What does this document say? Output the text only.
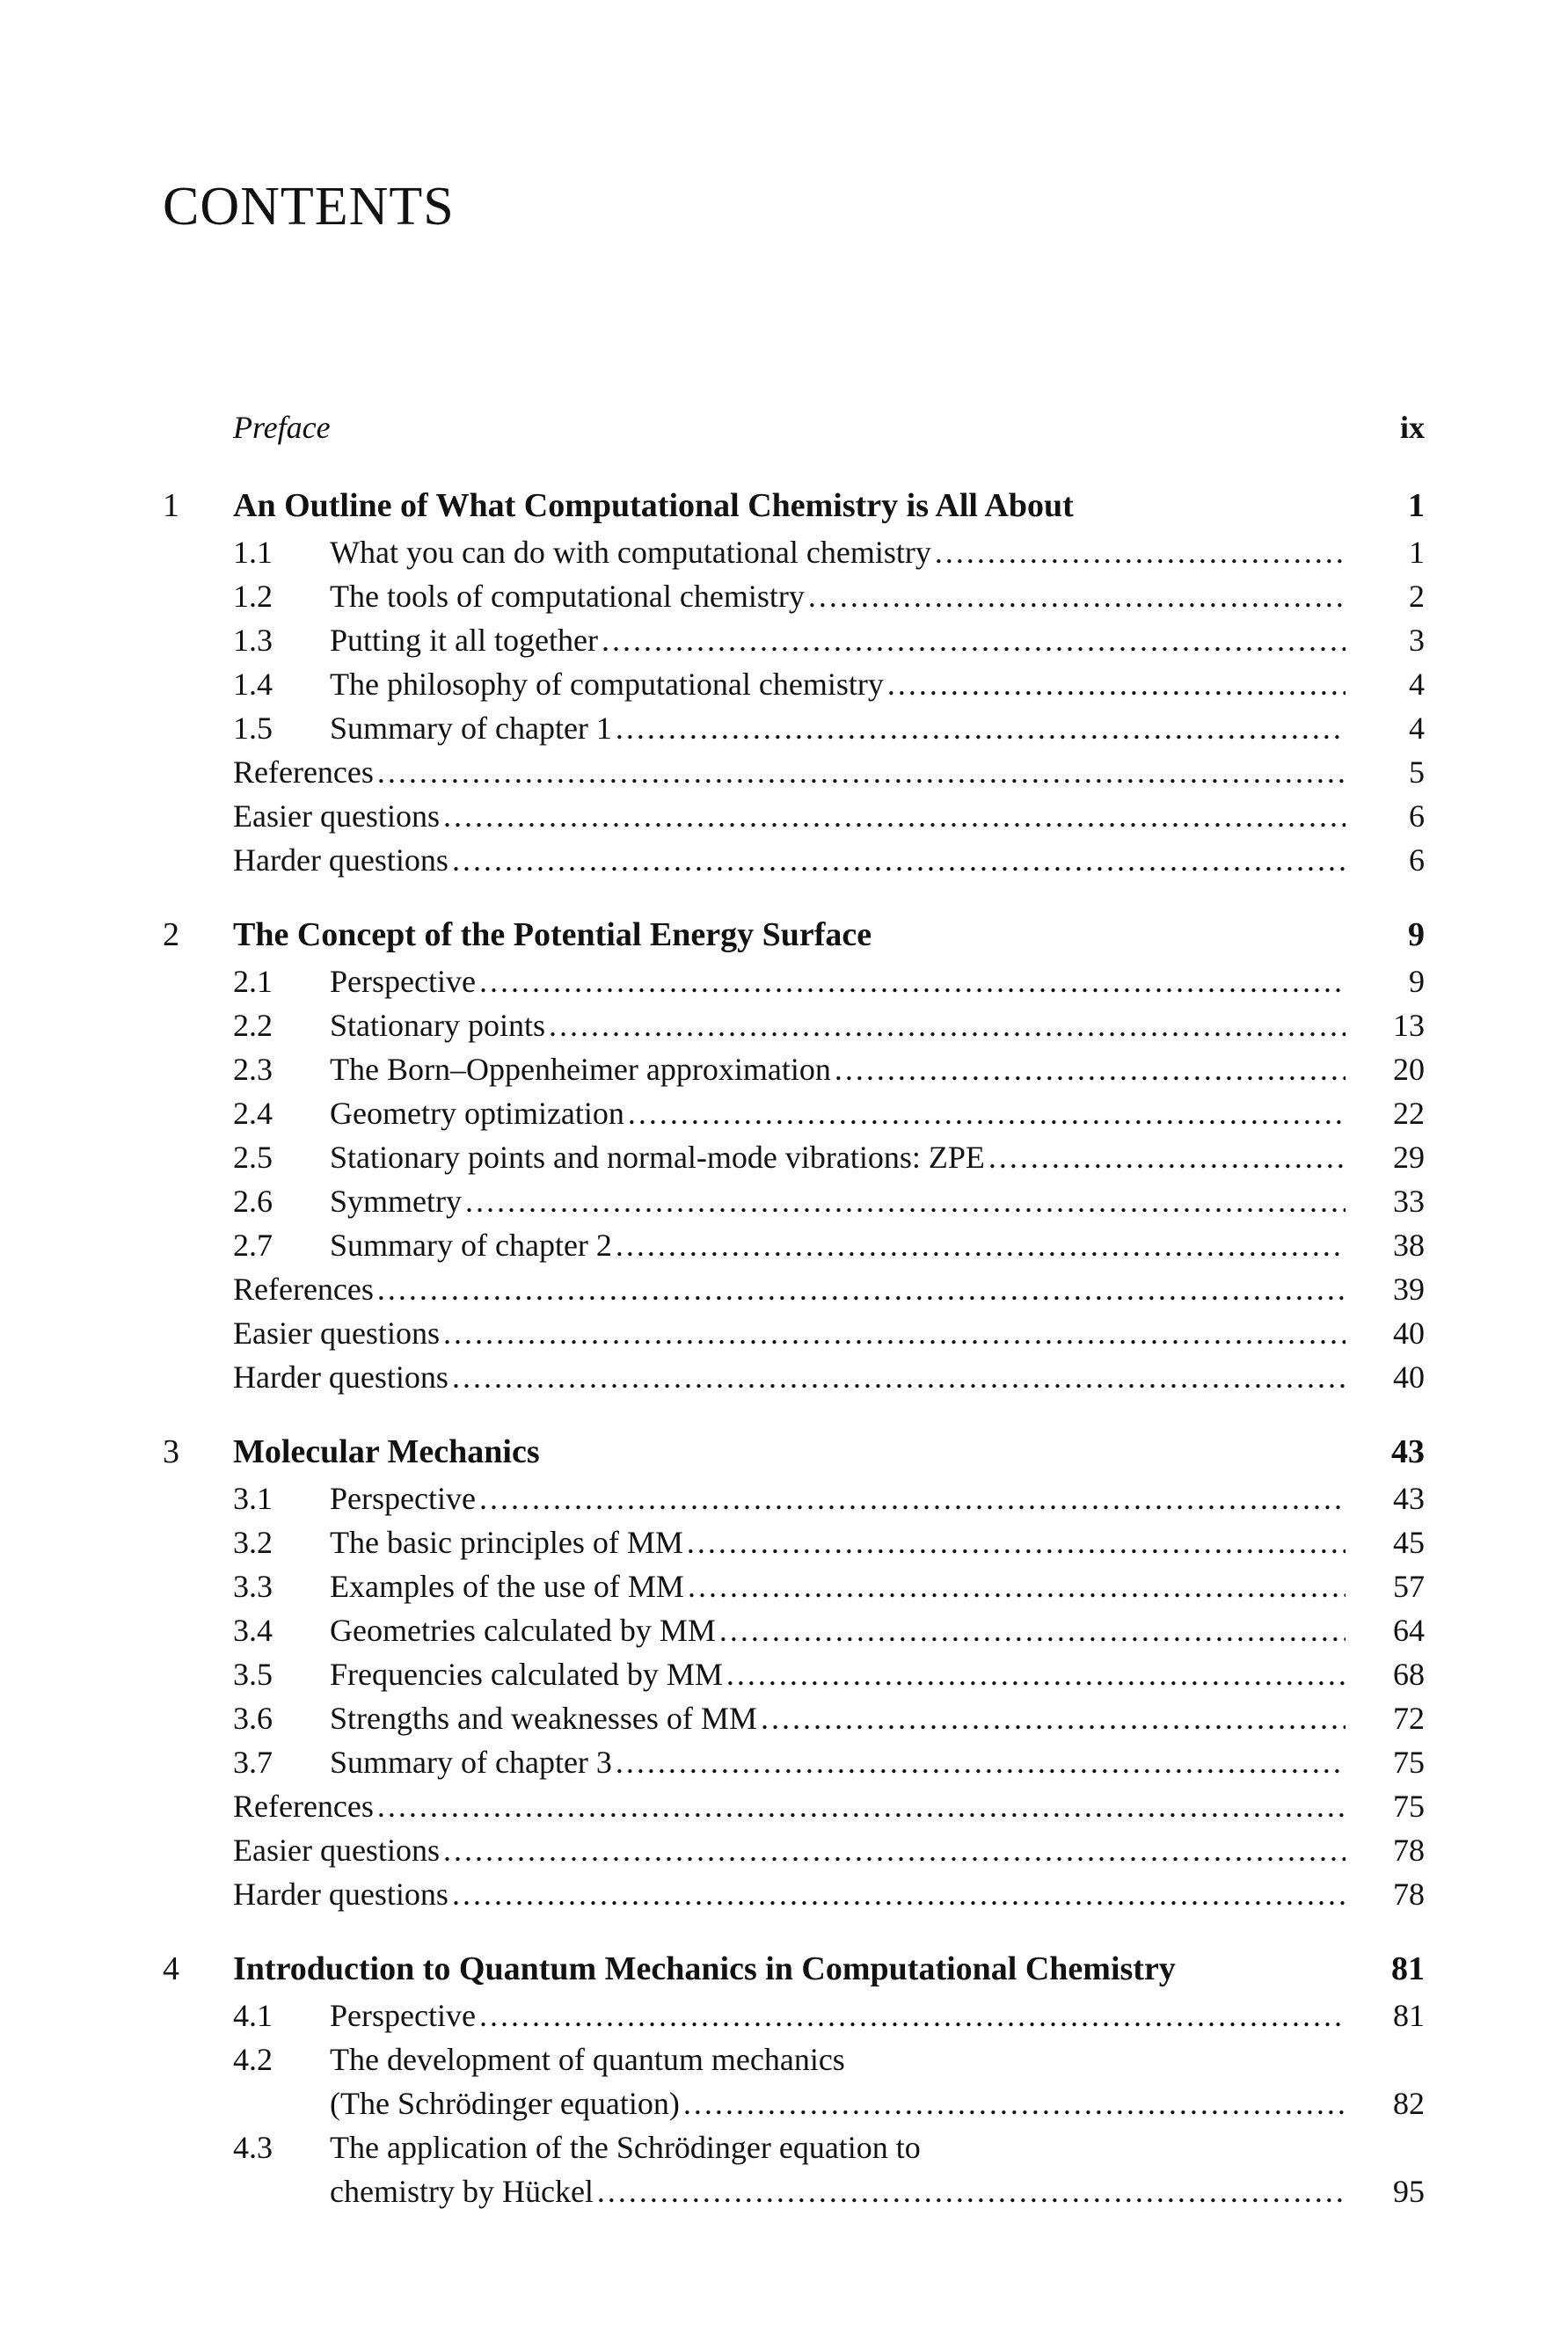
CONTENTS
Preface	ix
1 An Outline of What Computational Chemistry is All About	1
1.1	What you can do with computational chemistry .....	1
1.2	The tools of computational chemistry .....	2
1.3	Putting it all together .....	3
1.4	The philosophy of computational chemistry .....	4
1.5	Summary of chapter 1 .....	4
References .....	5
Easier questions .....	6
Harder questions .....	6
2 The Concept of the Potential Energy Surface	9
2.1	Perspective .....	9
2.2	Stationary points .....	13
2.3	The Born–Oppenheimer approximation .....	20
2.4	Geometry optimization .....	22
2.5	Stationary points and normal-mode vibrations: ZPE .....	29
2.6	Symmetry .....	33
2.7	Summary of chapter 2 .....	38
References .....	39
Easier questions .....	40
Harder questions .....	40
3 Molecular Mechanics	43
3.1	Perspective .....	43
3.2	The basic principles of MM .....	45
3.3	Examples of the use of MM .....	57
3.4	Geometries calculated by MM .....	64
3.5	Frequencies calculated by MM .....	68
3.6	Strengths and weaknesses of MM .....	72
3.7	Summary of chapter 3 .....	75
References .....	75
Easier questions .....	78
Harder questions .....	78
4 Introduction to Quantum Mechanics in Computational Chemistry	81
4.1	Perspective .....	81
4.2	The development of quantum mechanics
(The Schrödinger equation) .....	82
4.3	The application of the Schrödinger equation to
chemistry by Hückel .....	95
